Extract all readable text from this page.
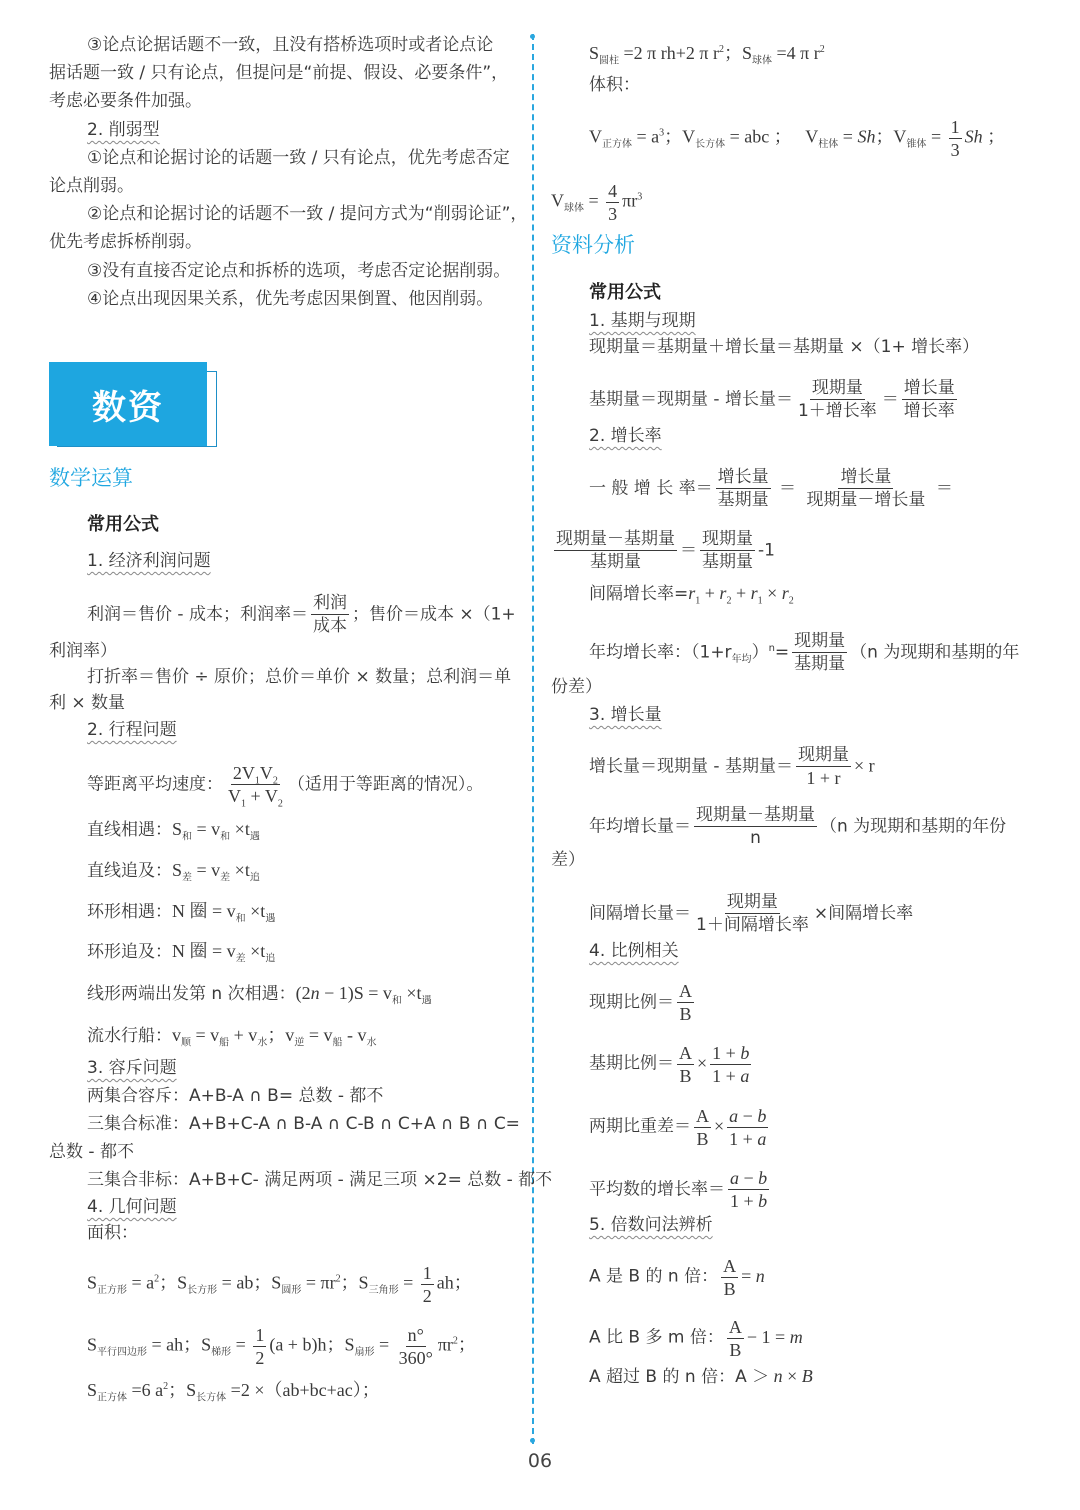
③论点论据话题不一致，且没有搭桥选项时或者论点论
据话题一致 / 只有论点，但提问是“前提、假设、必要条件”，
考虑必要条件加强。
2. 削弱型
①论点和论据讨论的话题一致 / 只有论点，优先考虑否定
论点削弱。
②论点和论据讨论的话题不一致 / 提问方式为“削弱论证”，
优先考虑拆桥削弱。
③没有直接否定论点和拆桥的选项，考虑否定论据削弱。
④论点出现因果关系，优先考虑因果倒置、他因削弱。
数学运算
常用公式
1. 经济利润问题
利润＝售价 - 成本；利润率＝ $\frac{\text{利润}}{\text{成本}}$ ；售价＝成本 ×（1+
利润率）
打折率＝售价 ÷ 原价；总价＝单价 × 数量；总利润＝单
利 × 数量
2. 行程问题
等距离平均速度： $\frac{2V_1V_2}{V_1 + V_2}$ （适用于等距离的情况）。
直线相遇：$S_和 = v_和 \times t_遇$
直线追及：$S_差 = v_差 \times t_追$
环形相遇：N 圈 = $v_和 \times t_遇$
环形追及：N 圈 = $v_差 \times t_追$
线形两端出发第 n 次相遇：$(2n - 1)S = v_和 \times t_遇$
流水行船：$v_顺 = v_船 + v_水$；$v_逆 = v_船 - v_水$
3. 容斥问题
两集合容斥：A+B-A ∩ B= 总数 - 都不
三集合标准：A+B+C-A ∩ B-A ∩ C-B ∩ C+A ∩ B ∩ C=
总数 - 都不
三集合非标：A+B+C- 满足两项 - 满足三项 ×2= 总数 - 都不
4. 几何问题
面积：
$S_{正方形} = a^2$；$S_{长方形}$ = ab；$S_{圆形} = \pi r^2$；$S_{三角形} = \frac{1}{2}$ ah；
$S_{平行四边形}$ = ah；$S_{梯形} = \frac{1}{2} (a + b)h$；$S_{扇形} = \frac{n^\circ}{360^\circ} \pi r^2$；
$S_{正方体} =6$ $a^2$；$S_{长方体} =2 \times(ab+bc+ac)$；
数资
$S_{圆柱} =2$ π rh+2 π $r^2$；$S_{球体} =4$ π $r^2$
体积：
$V_{正方体} = a^3$；$V_{长方体}$ = abc ；   $V_{柱体} = Sh$；$V_{锥体} = \frac{1}{3}$ Sh ；
$V_{球体} = \frac{4}{3} \pi r^3$
资料分析
常用公式
1. 基期与现期
现期量＝基期量＋增长量＝基期量 ×（1+ 增长率）
基期量＝现期量 - 增长量＝ $\frac{\text{现期量}}{\text{1＋增长率}} = \frac{\text{增长量}}{\text{增长率}}$
2. 增长率
一 般 增 长 率＝ $\frac{\text{增长量}}{\text{基期量}} = \frac{\text{增长量}}{\text{现期量－增长量}}$ ＝
$\frac{\text{现期量－基期量}}{\text{基期量}} = \frac{\text{现期量}}{\text{基期量}} -1$
间隔增长率$=r_1 + r_2 + r_1 \times r_2$
年均增长率：$(1+r_{年均})^n= \frac{\text{现期量}}{\text{基期量}} (n$ 为现期和基期的年
份差）
3. 增长量
增长量＝现期量 - 基期量＝ $\frac{\text{现期量}}{1 + r} \times r$
年均增长量＝ $\frac{\text{现期量－基期量}}{n} (n$ 为现期和基期的年份
差）
间隔增长量＝ $\frac{\text{现期量}}{\text{1＋间隔增长率}}$ ×间隔增长率
4. 比例相关
现期比例＝ $\frac{A}{B}$
基期比例＝ $\frac{A}{B} \times \frac{1 + b}{1 + a}$
两期比重差＝ $\frac{A}{B} \times \frac{a - b}{1 + a}$
平均数的增长率＝ $\frac{a - b}{1 + b}$
5. 倍数问法辨析
A 是 B 的 n 倍： $\frac{A}{B} = n$
A 比 B 多 m 倍： $\frac{A}{B} - 1 = m$
A 超过 B 的 n 倍：A ＞ n × B
06
